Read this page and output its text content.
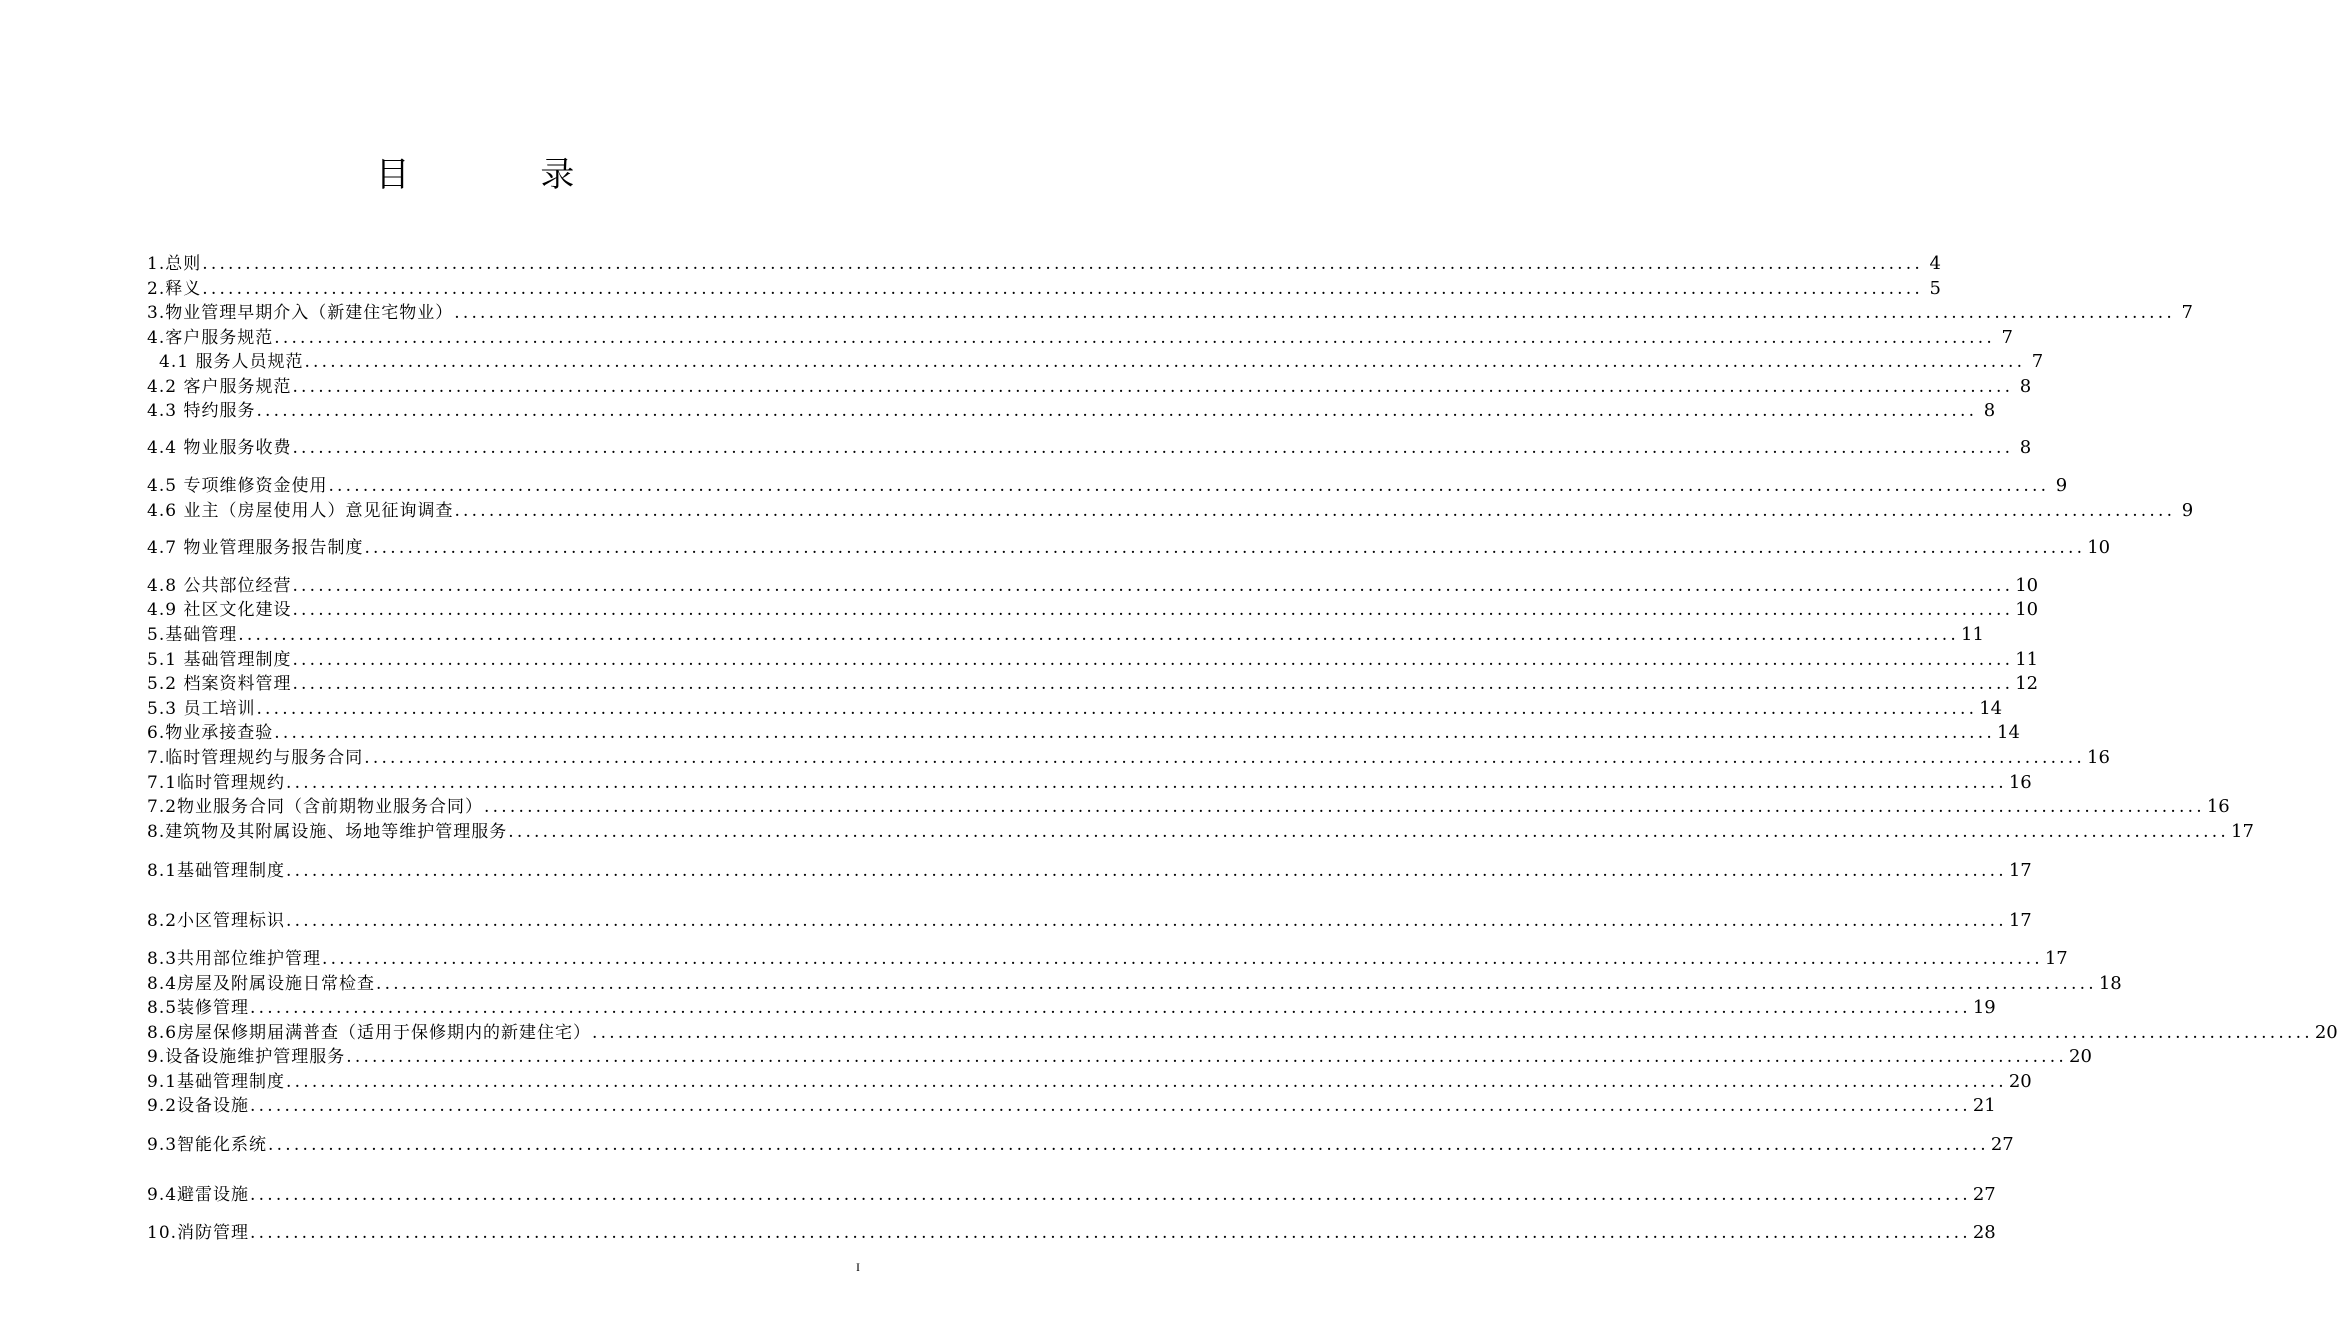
目 录
1.总则 ........................................................................................................................................................................................................ 4
2.释义 ........................................................................................................................................................................................................ 5
3.物业管理早期介入（新建住宅物业） ........................................................................................................................................................................................................ 7
4.客户服务规范 ........................................................................................................................................................................................................ 7
4.1 服务人员规范 ........................................................................................................................................................................................................ 7
4.2 客户服务规范 ........................................................................................................................................................................................................ 8
4.3 特约服务 ........................................................................................................................................................................................................ 8
4.4 物业服务收费 ........................................................................................................................................................................................................ 8
4.5 专项维修资金使用 ........................................................................................................................................................................................................ 9
4.6 业主（房屋使用人）意见征询调查 ........................................................................................................................................................................................................ 9
4.7 物业管理服务报告制度 ........................................................................................................................................................................................................ 10
4.8 公共部位经营 ........................................................................................................................................................................................................ 10
4.9 社区文化建设 ........................................................................................................................................................................................................ 10
5.基础管理 ........................................................................................................................................................................................................ 11
5.1 基础管理制度 ........................................................................................................................................................................................................ 11
5.2 档案资料管理 ........................................................................................................................................................................................................ 12
5.3 员工培训 ........................................................................................................................................................................................................ 14
6.物业承接查验 ........................................................................................................................................................................................................ 14
7.临时管理规约与服务合同 ........................................................................................................................................................................................................ 16
7.1临时管理规约 ........................................................................................................................................................................................................ 16
7.2物业服务合同（含前期物业服务合同） ........................................................................................................................................................................................................ 16
8.建筑物及其附属设施、场地等维护管理服务 ........................................................................................................................................................................................................ 17
8.1基础管理制度 ........................................................................................................................................................................................................ 17
8.2小区管理标识 ........................................................................................................................................................................................................ 17
8.3共用部位维护管理 ........................................................................................................................................................................................................ 17
8.4房屋及附属设施日常检查 ........................................................................................................................................................................................................ 18
8.5装修管理 ........................................................................................................................................................................................................ 19
8.6房屋保修期届满普查（适用于保修期内的新建住宅） ........................................................................................................................................................................................................ 20
9.设备设施维护管理服务 ........................................................................................................................................................................................................ 20
9.1基础管理制度 ........................................................................................................................................................................................................ 20
9.2设备设施 ........................................................................................................................................................................................................ 21
9.3智能化系统 ........................................................................................................................................................................................................ 27
9.4避雷设施 ........................................................................................................................................................................................................ 27
10.消防管理 ........................................................................................................................................................................................................ 28
I
